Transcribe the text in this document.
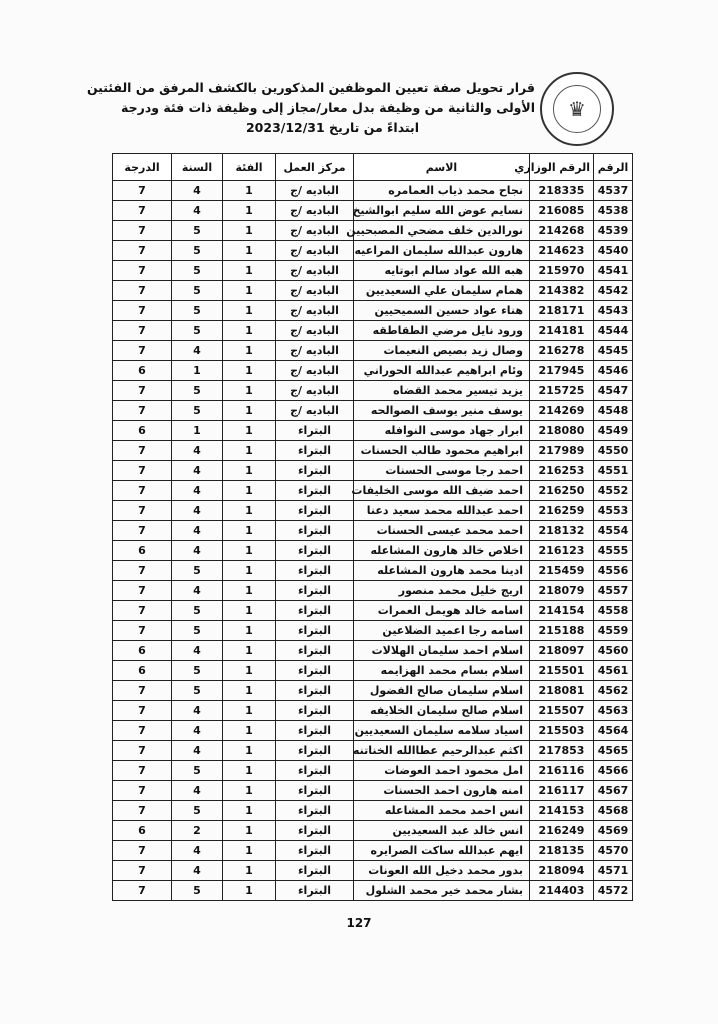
♛
قرار تحويل صفة تعيين الموظفين المذكورين بالكشف المرفق من الفئتين
الأولى والثانية من وظيفة بدل معار/مجاز إلى وظيفة ذات فئة ودرجة
ابتداءً من تاريخ 2023/12/31
الرقم	الرقم الوزاري	الاسم	مركز العمل	الفئة	السنة	الدرجة
4537	218335	نجاح محمد ذياب العمامره	الباديه /ج	1	4	7
4538	216085	نسايم عوض الله سليم ابوالشيخ	الباديه /ج	1	4	7
4539	214268	نورالدين خلف مضحي المصبحيين	الباديه /ج	1	5	7
4540	214623	هارون عبدالله سليمان المراعيه	الباديه /ج	1	5	7
4541	215970	هبه الله عواد سالم ابوتايه	الباديه /ج	1	5	7
4542	214382	همام سليمان علي السعيديين	الباديه /ج	1	5	7
4543	218171	هناء عواد حسين السميحيين	الباديه /ج	1	5	7
4544	214181	ورود نايل مرضي الطقاطقه	الباديه /ج	1	5	7
4545	216278	وصال زيد بصيص النعيمات	الباديه /ج	1	4	7
4546	217945	وئام ابراهيم عبدالله الحوراني	الباديه /ج	1	1	6
4547	215725	يزيد تيسير محمد القضاه	الباديه /ج	1	5	7
4548	214269	يوسف منير يوسف الصوالحه	الباديه /ج	1	5	7
4549	218080	ابرار جهاد موسى النوافله	البتراء	1	1	6
4550	217989	ابراهيم محمود طالب الحسنات	البتراء	1	4	7
4551	216253	احمد رجا موسى الحسنات	البتراء	1	4	7
4552	216250	احمد ضيف الله موسى الخليفات	البتراء	1	4	7
4553	216259	احمد عبدالله محمد سعيد دعنا	البتراء	1	4	7
4554	218132	احمد محمد عيسى الحسنات	البتراء	1	4	7
4555	216123	اخلاص خالد هارون المشاعله	البتراء	1	4	6
4556	215459	ادينا محمد هارون المشاعله	البتراء	1	5	7
4557	218079	اريج خليل محمد منصور	البتراء	1	4	7
4558	214154	اسامه خالد هويمل العمرات	البتراء	1	5	7
4559	215188	اسامه رجا اعميد الضلاعين	البتراء	1	5	7
4560	218097	اسلام احمد سليمان الهلالات	البتراء	1	4	6
4561	215501	اسلام بسام محمد الهزايمه	البتراء	1	5	6
4562	218081	اسلام سليمان صالح الفضول	البتراء	1	5	7
4563	215507	اسلام صالح سليمان الخلايفه	البتراء	1	4	7
4564	215503	اسياد سلامه سليمان السعيديين	البتراء	1	4	7
4565	217853	اكثم عبدالرحيم عطاالله الخناتنه	البتراء	1	4	7
4566	216116	امل محمود احمد العوضات	البتراء	1	5	7
4567	216117	امنه هارون احمد الحسنات	البتراء	1	4	7
4568	214153	انس احمد محمد المشاعله	البتراء	1	5	7
4569	216249	انس خالد عبد السعيديين	البتراء	1	2	6
4570	218135	ايهم عبدالله ساكت الصرايره	البتراء	1	4	7
4571	218094	بدور محمد دخيل الله العونات	البتراء	1	4	7
4572	214403	بشار محمد خير محمد الشلول	البتراء	1	5	7
127
